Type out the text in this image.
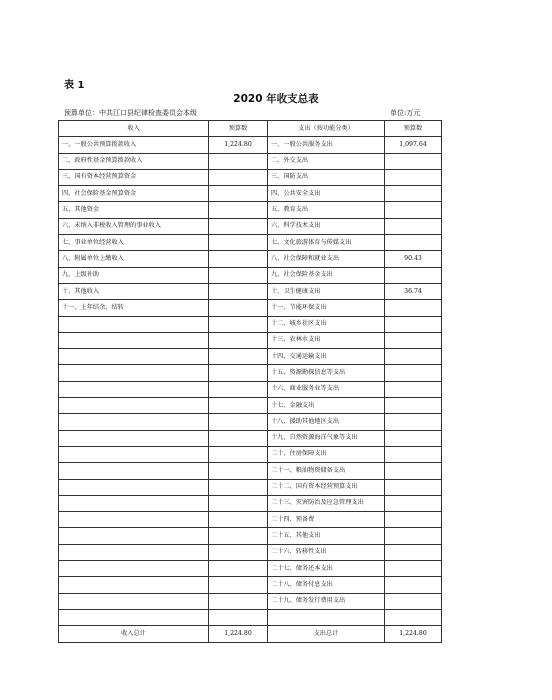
表 1
2020 年收支总表
预算单位：中共江口县纪律检查委员会本级	单位:万元
收入	预算数	支出（按功能分类）	预算数
一、一般公共预算拨款收入	1,224.80	一、一般公共服务支出	1,097.64
二、政府性基金预算拨款收入		二、外交支出	
三、国有资本经营预算资金		三、国防支出	
四、社会保险基金预算资金		四、公共安全支出	
五、其他资金		五、教育支出	
六、未纳入非税收入管理的事业收入		六、科学技术支出	
七、事业单位经营收入		七、文化旅游体育与传媒支出	
八、附属单位上缴收入		八、社会保障和就业支出	90.43
九、上级补助		九、社会保险基金支出	
十、其他收入		十、卫生健康支出	36.74
十一、上年结余、结转		十一、节能环保支出	
		十二、城乡社区支出	
		十三、农林水支出	
		十四、交通运输支出	
		十五、资源勘探信息等支出	
		十六、商业服务业等支出	
		十七、金融支出	
		十八、援助其他地区支出	
		十九、自然资源海洋气象等支出	
		二十、住房保障支出	
		二十一、粮油物资储备支出	
		二十二、国有资本经营预算支出	
		二十三、灾害防治及应急管理支出	
		二十四、预备费	
		二十五、其他支出	
		二十六、转移性支出	
		二十七、债务还本支出	
		二十八、债务付息支出	
		二十九、债务发行费用支出	

收入总计	1,224.80	支出总计	1,224.80
